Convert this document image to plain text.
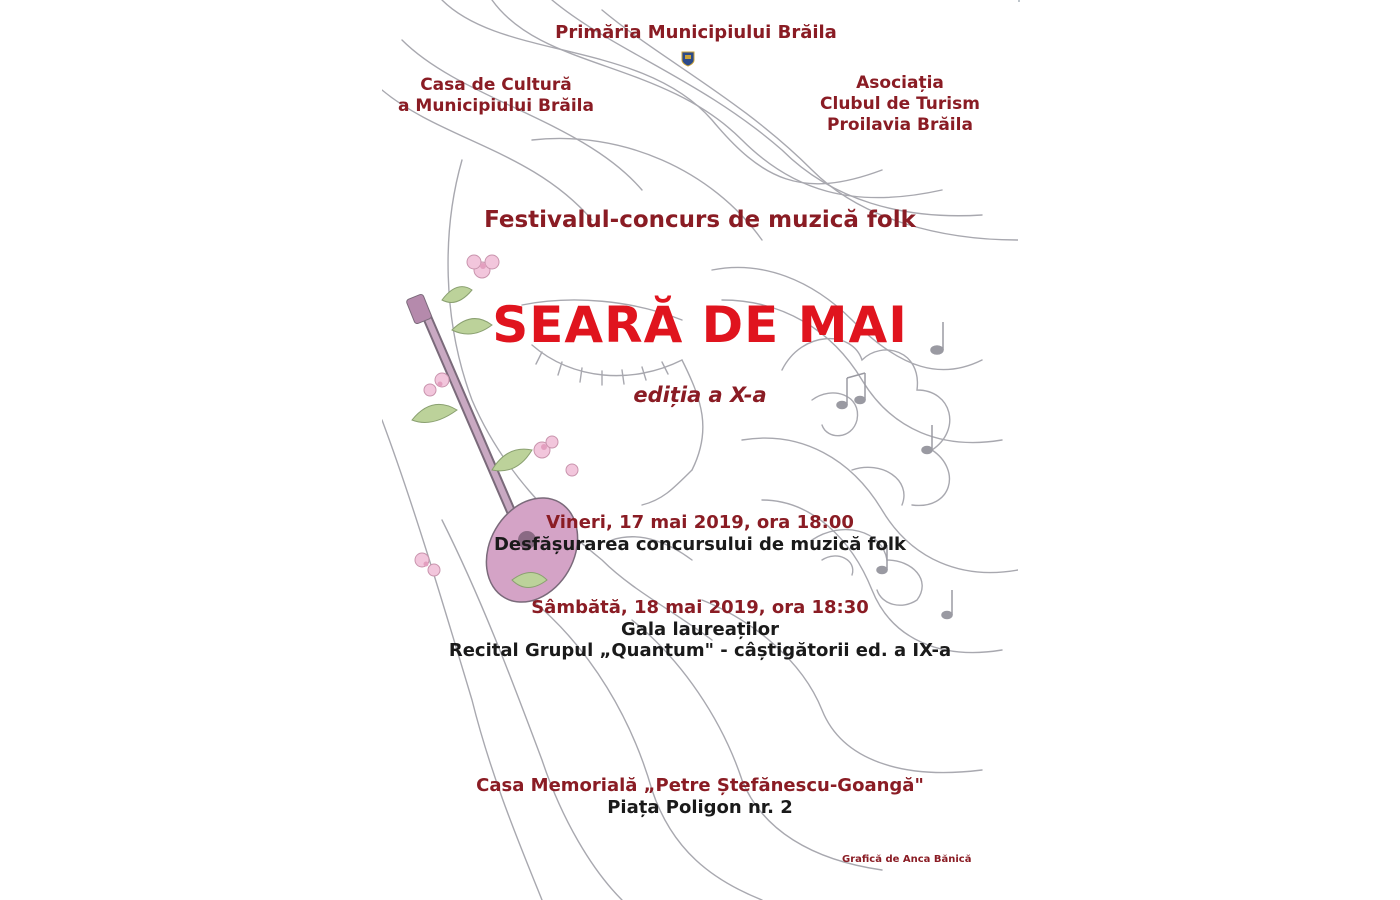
Primăria Municipiului Brăila
Casa de Cultură
a Municipiului Brăila
Asociația
Clubul de Turism
Proilavia Brăila
Festivalul-concurs de muzică folk
SEARĂ DE MAI
ediția a X-a
Vineri, 17 mai 2019, ora 18:00
Desfășurarea concursului de muzică folk
Sâmbătă, 18 mai 2019, ora 18:30
Gala laureaților
Recital Grupul „Quantum" - câștigătorii ed. a IX-a
Casa Memorială „Petre Ștefănescu-Goangă"
Piața Poligon nr. 2
Grafică de Anca Bănică
